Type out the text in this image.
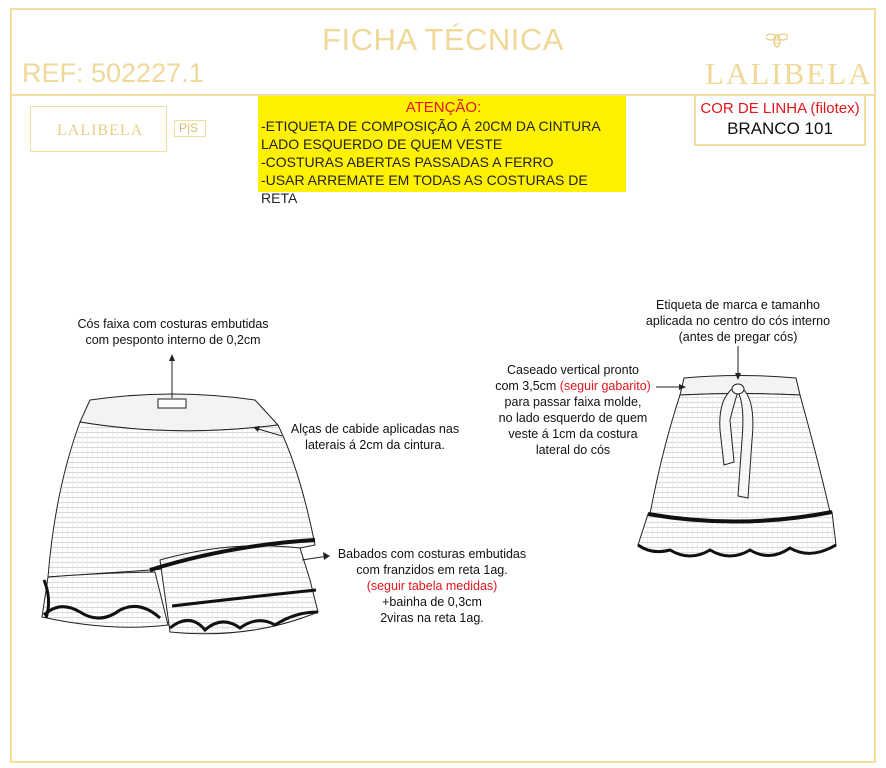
FICHA TÉCNICA
REF: 502227.1	LALIBELA
LALIBELA	P|S
ATENÇÃO:
-ETIQUETA DE COMPOSIÇÃO Á 20CM DA CINTURA
LADO ESQUERDO DE QUEM VESTE
-COSTURAS ABERTAS PASSADAS A FERRO
-USAR ARREMATE EM TODAS AS COSTURAS DE RETA
COR DE LINHA (filotex)
BRANCO 101
Cós faixa com costuras embutidas
com pesponto interno de 0,2cm
Alças de cabide aplicadas nas
laterais á 2cm da cintura.
Babados com costuras embutidas
com franzidos em reta 1ag.
(seguir tabela medidas)
+bainha de 0,3cm
2viras na reta 1ag.
Etiqueta de marca e tamanho
aplicada no centro do cós interno
(antes de pregar cós)
Caseado vertical pronto
com 3,5cm (seguir gabarito)
para passar faixa molde,
no lado esquerdo de quem
veste á 1cm da costura
lateral do cós
